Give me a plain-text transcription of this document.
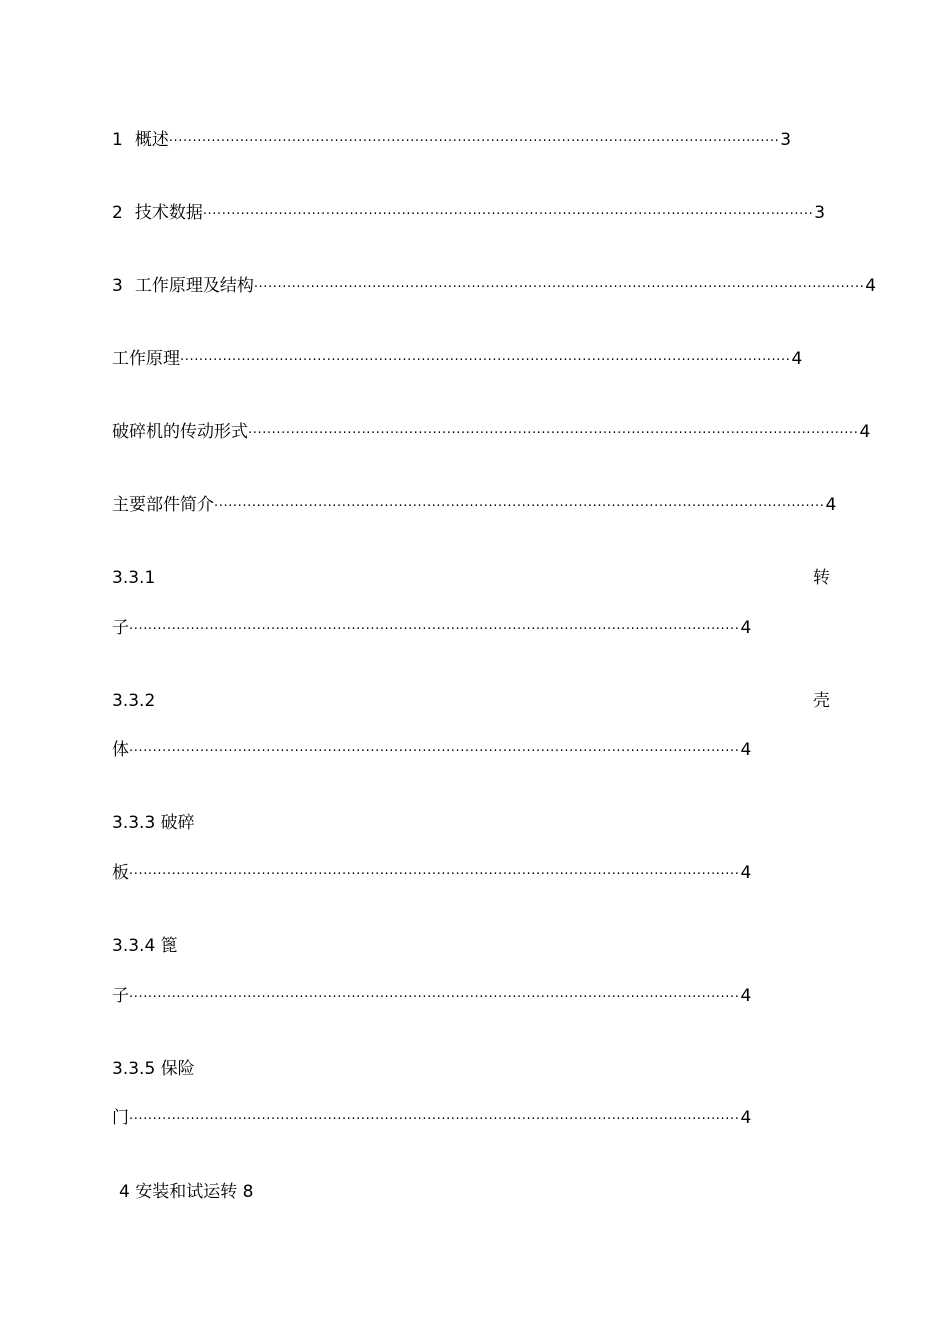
1 概述 ································································································································· 3
2 技术数据 ································································································································· 3
3 工作原理及结构 ································································································································· 4
工作原理 ································································································································· 4
破碎机的传动形式 ································································································································· 4
主要部件简介 ································································································································· 4
3.3.1	转
子 ································································································································· 4
3.3.2	壳
体 ································································································································· 4
3.3.3 破碎
板 ································································································································· 4
3.3.4 篦
子 ································································································································· 4
3.3.5 保险
门 ································································································································· 4
4 安装和试运转 8
